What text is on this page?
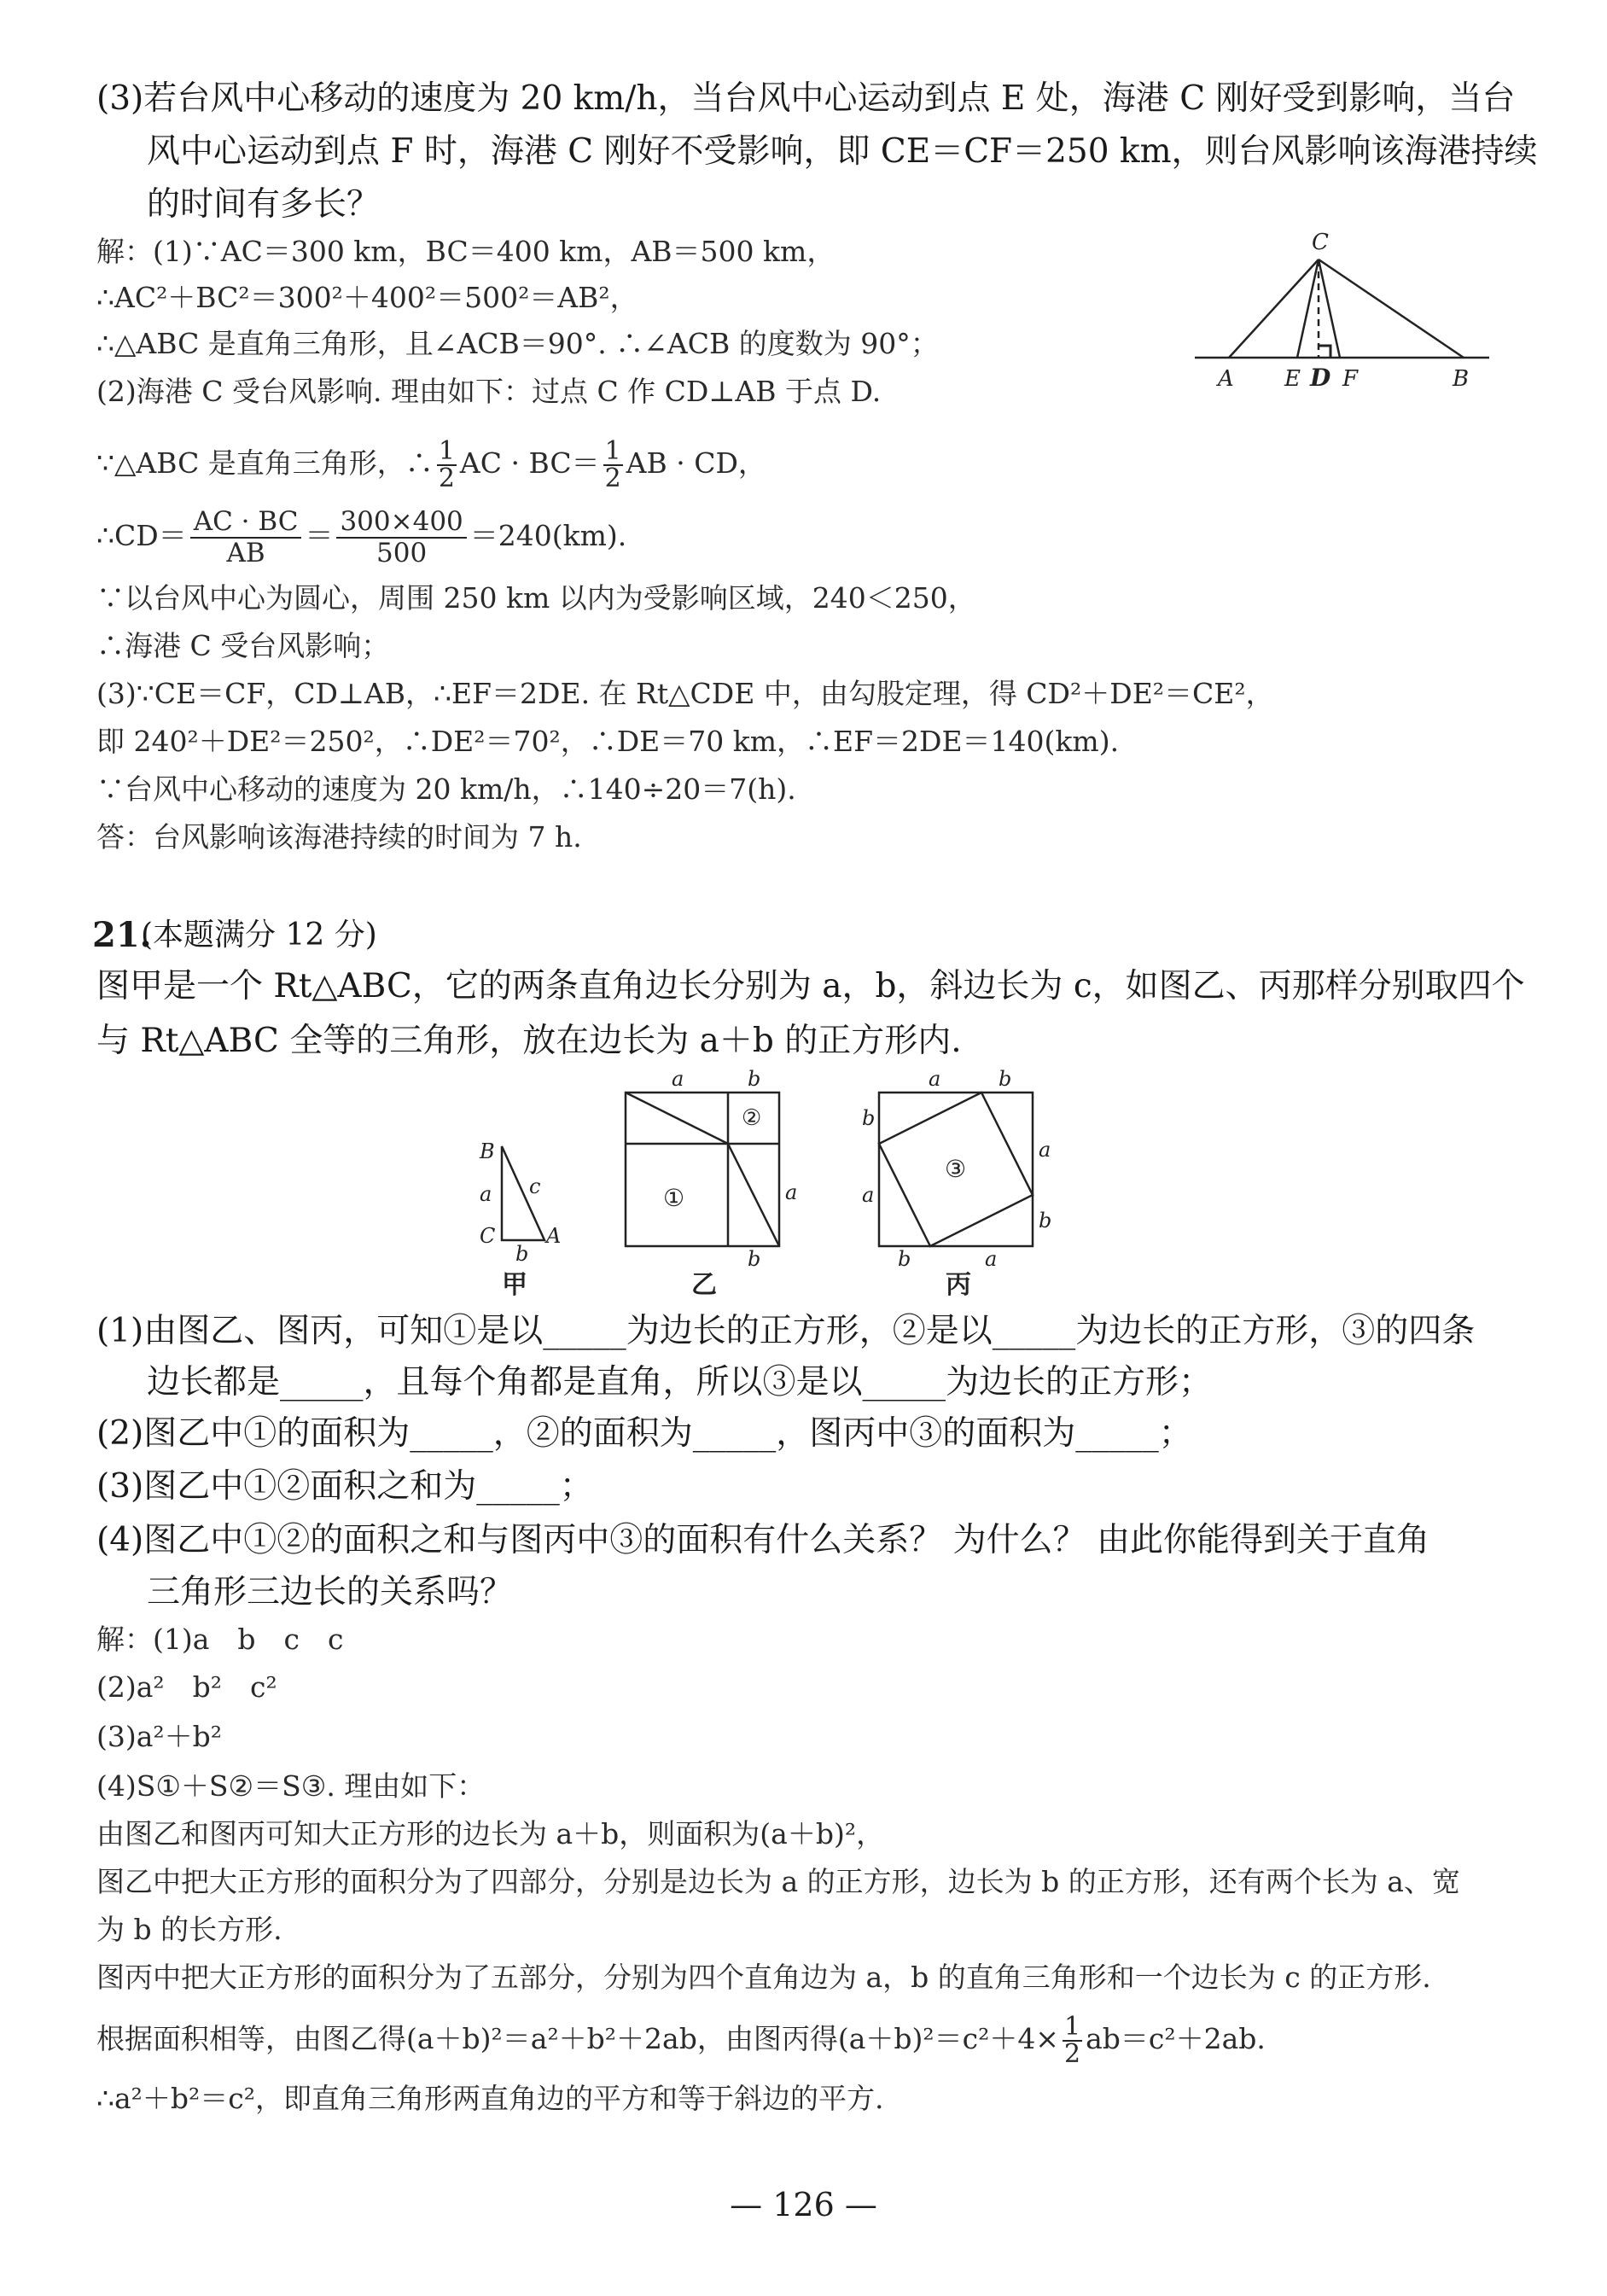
(3)若台风中心移动的速度为 20 km/h，当台风中心运动到点 E 处，海港 C 刚好受到影响，当台
风中心运动到点 F 时，海港 C 刚好不受影响，即 CE＝CF＝250 km，则台风影响该海港持续
的时间有多长？
解：(1)∵AC＝300 km，BC＝400 km，AB＝500 km，
∴AC²＋BC²＝300²＋400²＝500²＝AB²，
∴△ABC 是直角三角形，且∠ACB＝90°. ∴∠ACB 的度数为 90°；
(2)海港 C 受台风影响. 理由如下：过点 C 作 CD⊥AB 于点 D.
∵△ABC 是直角三角形，∴ $\frac{1}{2}$ AC · $BC= \frac{1}{2}$ AB · CD，
∴CD＝ $\frac{AC \cdot BC}{AB} = \frac{300\times 400}{500} =240(km)$.
∵以台风中心为圆心，周围 250 km 以内为受影响区域，240＜250，
∴海港 C 受台风影响；
(3)∵CE＝CF，CD⊥AB，∴EF＝2DE. 在 Rt△CDE 中，由勾股定理，得 CD²＋DE²＝CE²，
即 240²＋DE²＝250²，∴DE²＝70²，∴DE＝70 km，∴EF＝2DE＝140(km).
∵台风中心移动的速度为 20 km/h，∴140÷20＝7(h).
答：台风影响该海港持续的时间为 7 h.
C
A E D F	B
21.
(本题满分 12 分)
图甲是一个 Rt△ABC，它的两条直角边长分别为 a，b，斜边长为 c，如图乙、丙那样分别取四个
与 Rt△ABC 全等的三角形，放在边长为 a＋b 的正方形内.
B
a c
C A
b
甲
a	b
②
①	a
b
乙
a	b
b
a
a
b
b	a
③
丙
(1)由图乙、图丙，可知①是以_____为边长的正方形，②是以_____为边长的正方形，③的四条
边长都是_____，且每个角都是直角，所以③是以_____为边长的正方形；
(2)图乙中①的面积为_____，②的面积为_____，图丙中③的面积为_____；
(3)图乙中①②面积之和为_____；
(4)图乙中①②的面积之和与图丙中③的面积有什么关系？ 为什么？ 由此你能得到关于直角
三角形三边长的关系吗？
解：(1)a　b　c　c
(2)a²　b²　c²
(3)a²＋b²
(4)S①＋S②＝S③. 理由如下：
由图乙和图丙可知大正方形的边长为 a＋b，则面积为(a＋b)²，
图乙中把大正方形的面积分为了四部分，分别是边长为 a 的正方形，边长为 b 的正方形，还有两个长为 a、宽
为 b 的长方形.
图丙中把大正方形的面积分为了五部分，分别为四个直角边为 a，b 的直角三角形和一个边长为 c 的正方形.
根据面积相等，由图乙得(a＋b)²＝a²＋b²＋2ab，由图丙得$(a+b)^2=c^2+4\times \frac{1}{2} ab=c^2+2ab$.
∴a²＋b²＝c²，即直角三角形两直角边的平方和等于斜边的平方.
— 126 —
